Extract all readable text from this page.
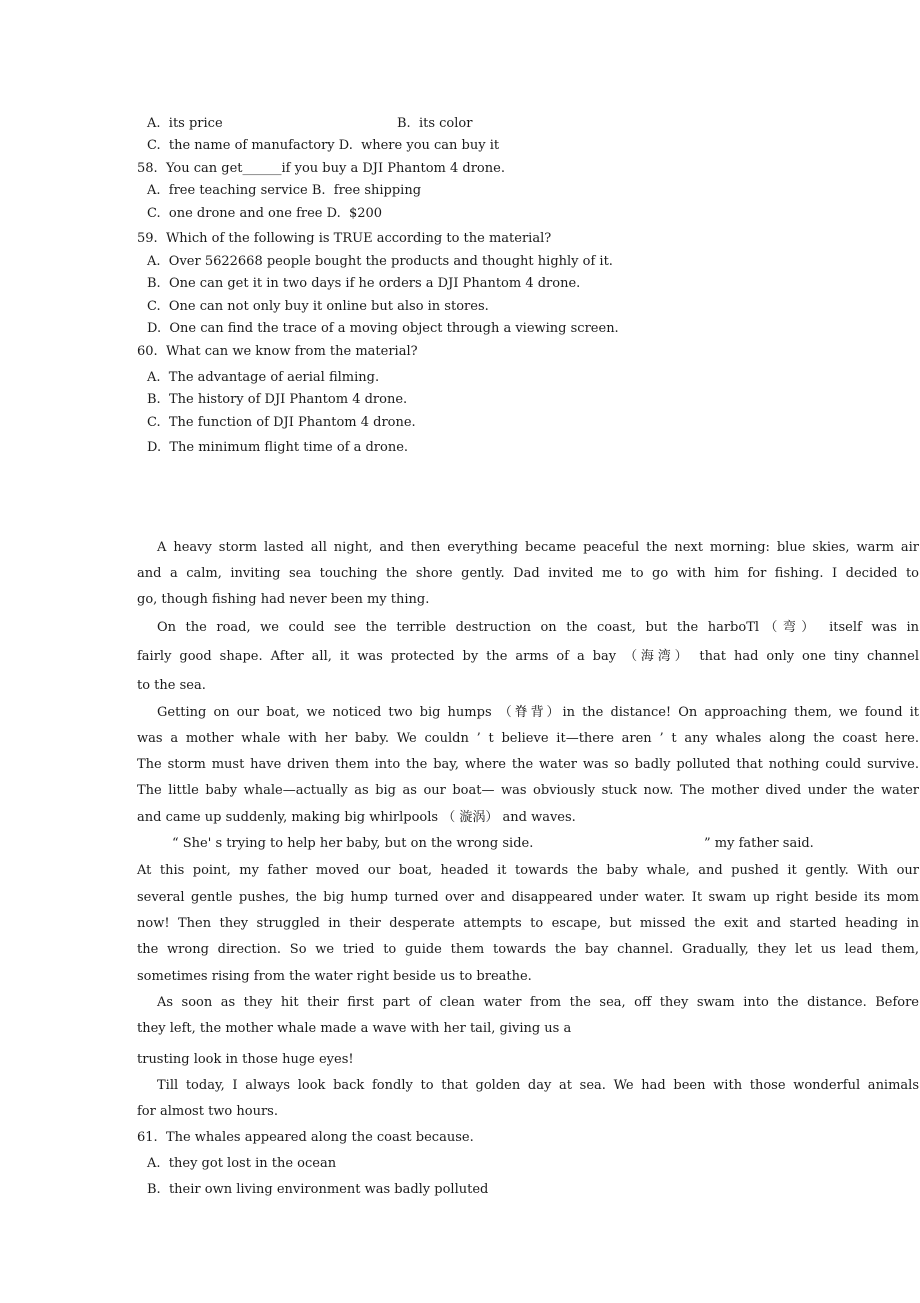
A.  its price	B.  its color
C.  the name of manufactory D.  where you can buy it
58.  You can get______if you buy a DJI Phantom 4 drone.
A.  free teaching service B.  free shipping
C.  one drone and one free D.  $200
59.  Which of the following is TRUE according to the material?
A.  Over 5622668 people bought the products and thought highly of it.
B.  One can get it in two days if he orders a DJI Phantom 4 drone.
C.  One can not only buy it online but also in stores.
D.  One can find the trace of a moving object through a viewing screen.
60.  What can we know from the material?
A.  The advantage of aerial filming.
B.  The history of DJI Phantom 4 drone.
C.  The function of DJI Phantom 4 drone.
D.  The minimum flight time of a drone.
A heavy storm lasted all night, and then everything became peaceful the next morning: blue skies, warm air
and a calm, inviting sea touching the shore gently. Dad invited me to go with him for fishing. I decided to
go, though fishing had never been my thing.
On the road, we could see the terrible destruction on the coast, but the harboTl（弯） itself was in
fairly good shape. After all, it was protected by the arms of a bay （海湾） that had only one tiny channel
to the sea.
Getting on our boat, we noticed two big humps （脊背）in the distance! On approaching them, we found it
was a mother whale with her baby. We couldn ’ t believe it—there aren ’ t any whales along the coast here.
The storm must have driven them into the bay, where the water was so badly polluted that nothing could survive.
The little baby whale—actually as big as our boat— was obviously stuck now. The mother dived under the water
and came up suddenly, making big whirlpools （ 漩涡） and waves.
“ She' s trying to help her baby, but on the wrong side.	” my father said.
At this point, my father moved our boat, headed it towards the baby whale, and pushed it gently. With our
several gentle pushes, the big hump turned over and disappeared under water. It swam up right beside its mom
now! Then they struggled in their desperate attempts to escape, but missed the exit and started heading in
the wrong direction. So we tried to guide them towards the bay channel. Gradually, they let us lead them,
sometimes rising from the water right beside us to breathe.
As soon as they hit their first part of clean water from the sea, off they swam into the distance. Before
they left, the mother whale made a wave with her tail, giving us a
trusting look in those huge eyes!
Till today, I always look back fondly to that golden day at sea. We had been with those wonderful animals
for almost two hours.
61.  The whales appeared along the coast because.
A.  they got lost in the ocean
B.  their own living environment was badly polluted
